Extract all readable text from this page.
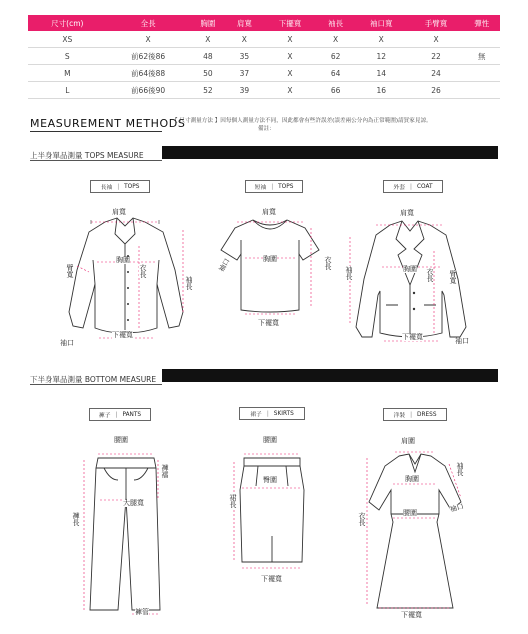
尺寸(cm)	全長	胸圍	肩寬	下擺寬	袖長	袖口寬	手臂寬	彈性
XS	X	X	X	X	X	X	X	
S	前62後86	48	35	X	62	12	22	無
M	前64後88	50	37	X	64	14	24	
L	前66後90	52	39	X	66	16	26	
MEASUREMENT METHODS
【 尺寸測量方法 】因每個人測量方法不同，因此都會有些許誤差(誤差兩公分內為正常範圍)請買家見諒。
備註：
上半身單品測量 TOPS MEASURE
長袖 | TOPS	短袖 | TOPS	外套 | COAT
肩寬
胸圍
衣長
臂寬
袖長
下襬寬
袖口
肩寬
胸圍	衣長
袖口
下襬寬
肩寬
胸圍 衣長
袖長	臂寬
下襬寬	袖口
下半身單品測量 BOTTOM MEASURE
褲子 | PANTS	裙子 | SKIRTS	洋裝 | DRESS
腰圍
褲襠
大腿寬
褲長
褲管
腰圍
臀圍
裙長
下襬寬
肩圍
胸圍
腰圍
袖長
衣長
袖口
下襬寬
